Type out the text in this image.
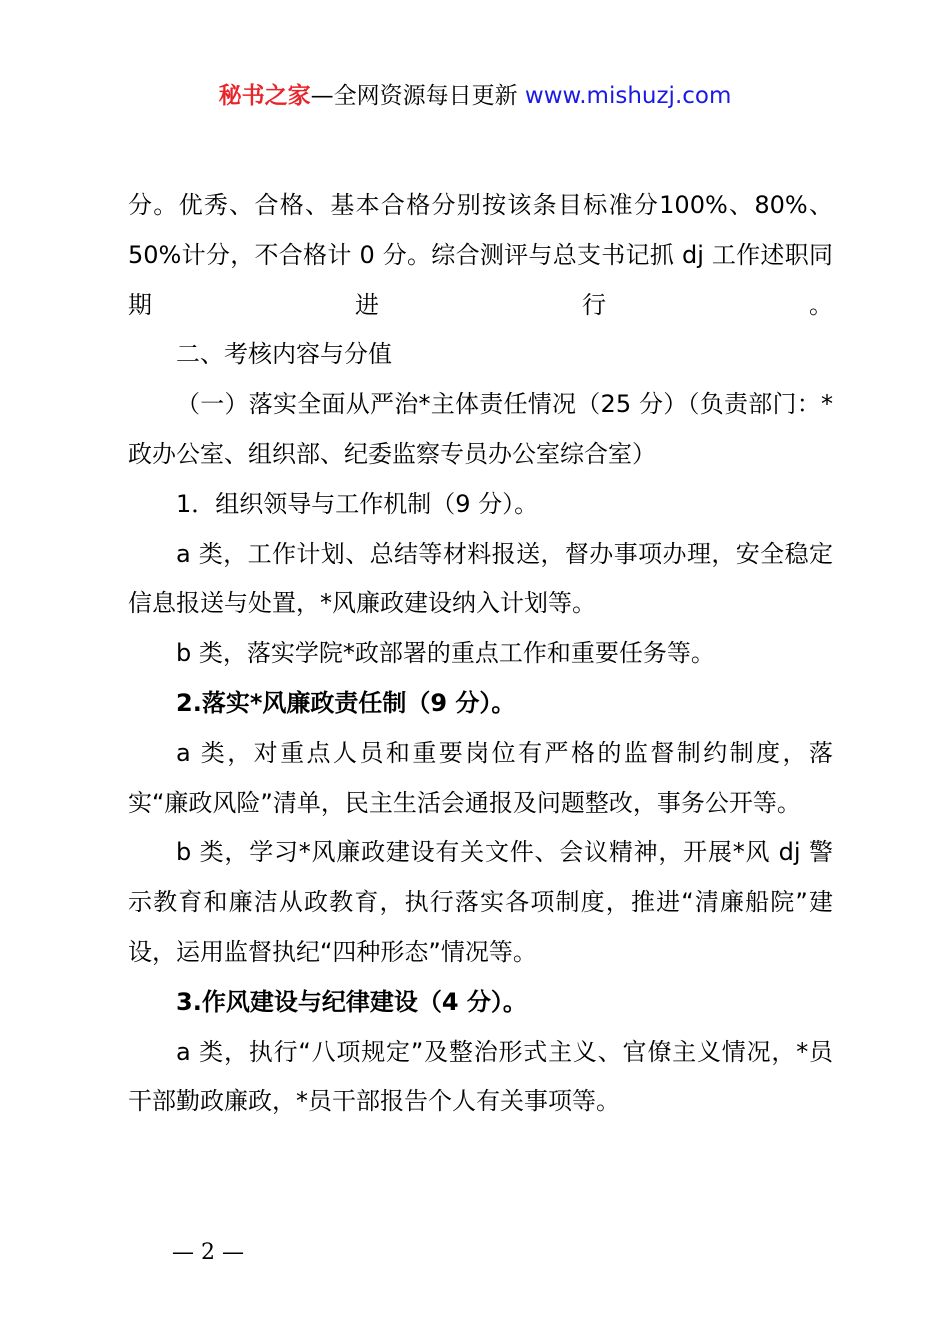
秘书之家—全网资源每日更新 www.mishuzj.com

分。优秀、合格、基本合格分别按该条目标准分100%、80%、50%计分，不合格计 0 分。综合测评与总支书记抓 dj 工作述职同期进行。

二、考核内容与分值

（一）落实全面从严治*主体责任情况（25 分）（负责部门：*政办公室、组织部、纪委监察专员办公室综合室）

1．组织领导与工作机制（9 分）。

a 类，工作计划、总结等材料报送，督办事项办理，安全稳定信息报送与处置，*风廉政建设纳入计划等。

b 类，落实学院*政部署的重点工作和重要任务等。

2.落实*风廉政责任制（9 分）。

a 类，对重点人员和重要岗位有严格的监督制约制度，落实“廉政风险”清单，民主生活会通报及问题整改，事务公开等。

b 类，学习*风廉政建设有关文件、会议精神，开展*风 dj 警示教育和廉洁从政教育，执行落实各项制度，推进“清廉船院”建设，运用监督执纪“四种形态”情况等。

3.作风建设与纪律建设（4 分）。

a 类，执行“八项规定”及整治形式主义、官僚主义情况，*员干部勤政廉政，*员干部报告个人有关事项等。

— 2 —
